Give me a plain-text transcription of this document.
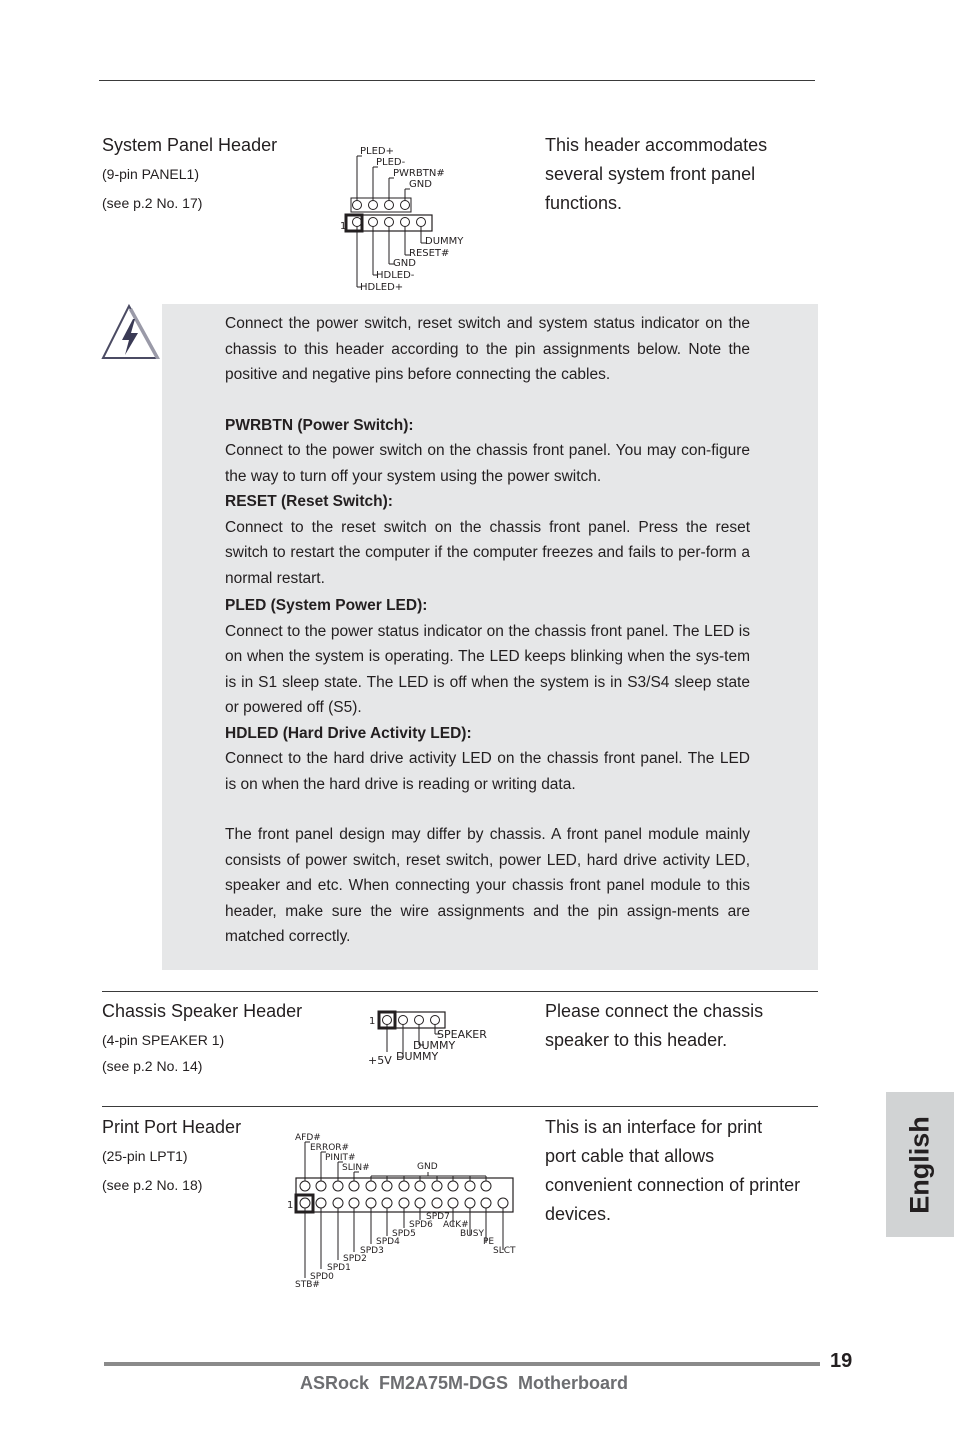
System Panel Header
(9-pin PANEL1)
(see p.2 No. 17)
1
PLED+
PLED-
PWRBTN#
GND
DUMMY
RESET#
GND
HDLED-
HDLED+
This header accommodates
several system front panel
functions.

Connect the power switch, reset switch and system status indicator on the chassis to this header according to the pin assignments below. Note the positive and negative pins before connecting the cables.

PWRBTN (Power Switch):

Connect to the power switch on the chassis front panel. You may con-figure the way to turn off your system using the power switch.

RESET (Reset Switch):

Connect to the reset switch on the chassis front panel. Press the reset switch to restart the computer if the computer freezes and fails to per-form a normal restart.

PLED (System Power LED):

Connect to the power status indicator on the chassis front panel. The LED is on when the system is operating. The LED keeps blinking when the sys-tem is in S1 sleep state. The LED is off when the system is in S3/S4 sleep state or powered off (S5).

HDLED (Hard Drive Activity LED):

Connect to the hard drive activity LED on the chassis front panel. The LED is on when the hard drive is reading or writing data.

The front panel design may differ by chassis. A front panel module mainly consists of power switch, reset switch, power LED, hard drive activity LED, speaker and etc. When connecting your chassis front panel module to this header, make sure the wire assignments and the pin assign-ments are matched correctly.

Chassis Speaker Header
(4-pin SPEAKER 1)
(see p.2 No. 14)
1
SPEAKER
DUMMY
+5V DUMMY
Please connect the chassis
speaker to this header.
Print Port Header
(25-pin LPT1)
(see p.2 No. 18)
1
AFD#
ERROR#
PINIT#
SLIN#	GND
SPD7
SPD6 ACK#
SPD5	BUSY
SPD4	PE
SPD3	SLCT
SPD2
SPD1
SPD0
STB#
This is an interface for print
port cable that allows
convenient connection of printer
devices.
English
19
ASRock  FM2A75M-DGS  Motherboard
